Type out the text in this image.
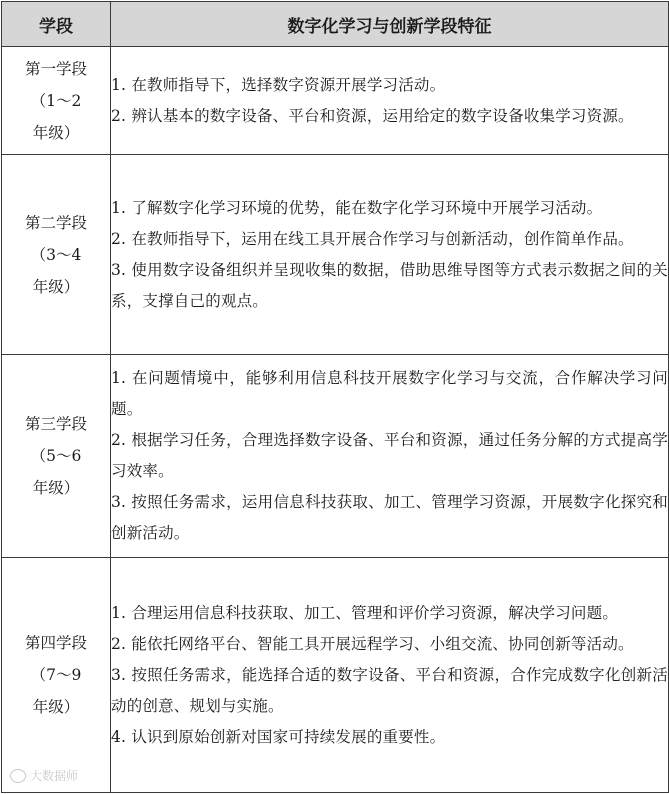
学段	数字化学习与创新学段特征

第一学段
（1～2
年级）	1. 在教师指导下，选择数字资源开展学习活动。
2. 辨认基本的数字设备、平台和资源，运用给定的数字设备收集学习资源。

第二学段
（3～4
年级）	1. 了解数字化学习环境的优势，能在数字化学习环境中开展学习活动。
2. 在教师指导下，运用在线工具开展合作学习与创新活动，创作简单作品。
3. 使用数字设备组织并呈现收集的数据，借助思维导图等方式表示数据之间的关系，支撑自己的观点。

第三学段
（5～6
年级）	1. 在问题情境中，能够利用信息科技开展数字化学习与交流，合作解决学习问题。
2. 根据学习任务，合理选择数字设备、平台和资源，通过任务分解的方式提高学习效率。
3. 按照任务需求，运用信息科技获取、加工、管理学习资源，开展数字化探究和创新活动。

第四学段
（7～9
年级）	1. 合理运用信息科技获取、加工、管理和评价学习资源，解决学习问题。
2. 能依托网络平台、智能工具开展远程学习、小组交流、协同创新等活动。
3. 按照任务需求，能选择合适的数字设备、平台和资源，合作完成数字化创新活动的创意、规划与实施。
4. 认识到原始创新对国家可持续发展的重要性。
大数据师
